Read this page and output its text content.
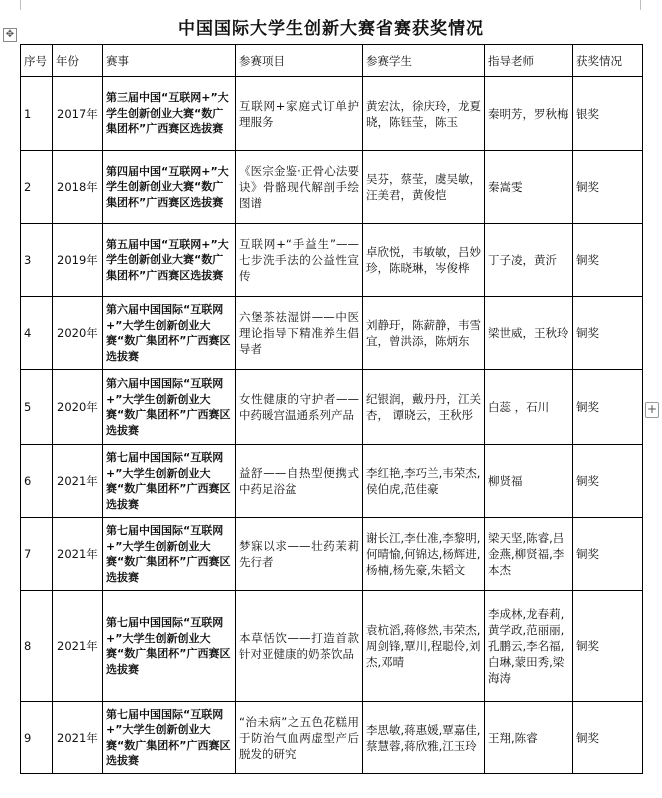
中国国际大学生创新大赛省赛获奖情况
✥
+
序号	年份	赛事	参赛项目	参赛学生	指导老师	获奖情况
1	2017年	第三届中国“互联网+”大学生创新创业大赛“数广集团杯”广西赛区选拔赛	互联网+家庭式订单护理服务	黄宏汰，徐庆玲，龙夏晓，陈钰莹，陈玉	秦明芳，罗秋梅	银奖
2	2018年	第四届中国“互联网+”大学生创新创业大赛“数广集团杯”广西赛区选拔赛	《医宗金鉴·正骨心法要诀》骨骼现代解剖手绘图谱	吴芬，蔡莹，虞吴敏，汪美君，黄俊恺	秦嵩雯	铜奖
3	2019年	第五届中国“互联网+”大学生创新创业大赛“数广集团杯”广西赛区选拔赛	互联网+“手益生”——七步洗手法的公益性宣传	卓欣悦，韦敏敏，吕妙珍，陈晓琳，岑俊桦	丁子凌，黄沂	铜奖
4	2020年	第六届中国国际“互联网+”大学生创新创业大赛“数广集团杯”广西赛区选拔赛	六堡茶祛湿饼——中医理论指导下精准养生倡导者	刘静玗，陈薪静，韦雪宜，曾洪添，陈炳东	梁世威，王秋玲	铜奖
5	2020年	第六届中国国际“互联网+”大学生创新创业大赛“数广集团杯”广西赛区选拔赛	女性健康的守护者——中药暖宫温通系列产品	纪银润，戴丹丹，江关杏， 谭晓云，王秋彤	白蕊 ，石川	铜奖
6	2021年	第七届中国国际“互联网+”大学生创新创业大赛“数广集团杯”广西赛区选拔赛	益舒——自热型便携式中药足浴盆	李红艳,李巧兰,韦荣杰,侯伯虎,范佳豪	柳贤福	铜奖
7	2021年	第七届中国国际“互联网+”大学生创新创业大赛“数广集团杯”广西赛区选拔赛	梦寐以求——壮药茉莉先行者	谢长江,李仕准,李黎明,何晴愉,何锦达,杨辉进,杨楠,杨先豪,朱韬文	梁天坚,陈睿,吕金燕,柳贤福,李本杰	铜奖
8	2021年	第七届中国国际“互联网+”大学生创新创业大赛“数广集团杯”广西赛区选拔赛	本草恬饮——打造首款针对亚健康的奶茶饮品	袁杭滔,蒋修然,韦荣杰,周剑锋,覃川,程聪伶,刘杰,邓晴	李成林,龙春莉,黄学政,范丽丽,孔鹏云,李名福,白琳,蒙田秀,梁海涛	铜奖
9	2021年	第七届中国国际“互联网+”大学生创新创业大赛“数广集团杯”广西赛区选拔赛	“治未病”之五色花糕用于防治气血两虚型产后脱发的研究	李思敏,蒋惠媛,覃嘉佳,蔡慧蓉,蒋欣雅,江玉玲	王翔,陈睿	铜奖
